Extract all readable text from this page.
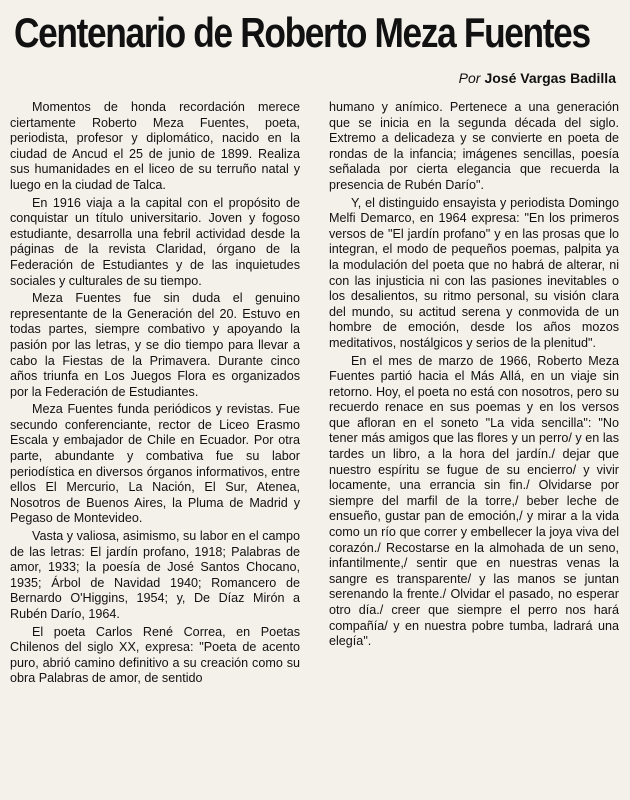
Centenario de Roberto Meza Fuentes
Por José Vargas Badilla

Momentos de honda recordación merece ciertamente Roberto Meza Fuentes, poeta, periodista, profesor y diplomático, nacido en la ciudad de Ancud el 25 de junio de 1899. Realiza sus humanidades en el liceo de su terruño natal y luego en la ciudad de Talca.

En 1916 viaja a la capital con el propósito de conquistar un título universitario. Joven y fogoso estudiante, desarrolla una febril actividad desde la páginas de la revista Claridad, órgano de la Federación de Estudiantes y de las inquietudes sociales y culturales de su tiempo.

Meza Fuentes fue sin duda el genuino representante de la Generación del 20. Estuvo en todas partes, siempre combativo y apoyando la pasión por las letras, y se dio tiempo para llevar a cabo la Fiestas de la Primavera. Durante cinco años triunfa en Los Juegos Flora es organizados por la Federación de Estudiantes.

Meza Fuentes funda periódicos y revistas. Fue secundo conferenciante, rector de Liceo Erasmo Escala y embajador de Chile en Ecuador. Por otra parte, abundante y combativa fue su labor periodística en diversos órganos informativos, entre ellos El Mercurio, La Nación, El Sur, Atenea, Nosotros de Buenos Aires, la Pluma de Madrid y Pegaso de Montevideo.

Vasta y valiosa, asimismo, su labor en el campo de las letras: El jardín profano, 1918; Palabras de amor, 1933; la poesía de José Santos Chocano, 1935; Árbol de Navidad 1940; Romancero de Bernardo O'Higgins, 1954; y, De Díaz Mirón a Rubén Darío, 1964.

El poeta Carlos René Correa, en Poetas Chilenos del siglo XX, expresa: "Poeta de acento puro, abrió camino definitivo a su creación como su obra Palabras de amor, de sentido

humano y anímico. Pertenece a una generación que se inicia en la segunda década del siglo. Extremo a delicadeza y se convierte en poeta de rondas de la infancia; imágenes sencillas, poesía señalada por cierta elegancia que recuerda la presencia de Rubén Darío".

Y, el distinguido ensayista y periodista Domingo Melfi Demarco, en 1964 expresa: "En los primeros versos de "El jardín profano" y en las prosas que lo integran, el modo de pequeños poemas, palpita ya la modulación del poeta que no habrá de alterar, ni con las injusticia ni con las pasiones inevitables o los desalientos, su ritmo personal, su visión clara del mundo, su actitud serena y conmovida de un hombre de emoción, desde los años mozos meditativos, nostálgicos y serios de la plenitud".

En el mes de marzo de 1966, Roberto Meza Fuentes partió hacia el Más Allá, en un viaje sin retorno. Hoy, el poeta no está con nosotros, pero su recuerdo renace en sus poemas y en los versos que afloran en el soneto "La vida sencilla": "No tener más amigos que las flores y un perro/ y en las tardes un libro, a la hora del jardín./ dejar que nuestro espíritu se fugue de su encierro/ y vivir locamente, una errancia sin fin./ Olvidarse por siempre del marfil de la torre,/ beber leche de ensueño, gustar pan de emoción,/ y mirar a la vida como un río que correr y embellecer la joya viva del corazón./ Recostarse en la almohada de un seno, infantilmente,/ sentir que en nuestras venas la sangre es transparente/ y las manos se juntan serenando la frente./ Olvidar el pasado, no esperar otro día./ creer que siempre el perro nos hará compañía/ y en nuestra pobre tumba, ladrará una elegía".
